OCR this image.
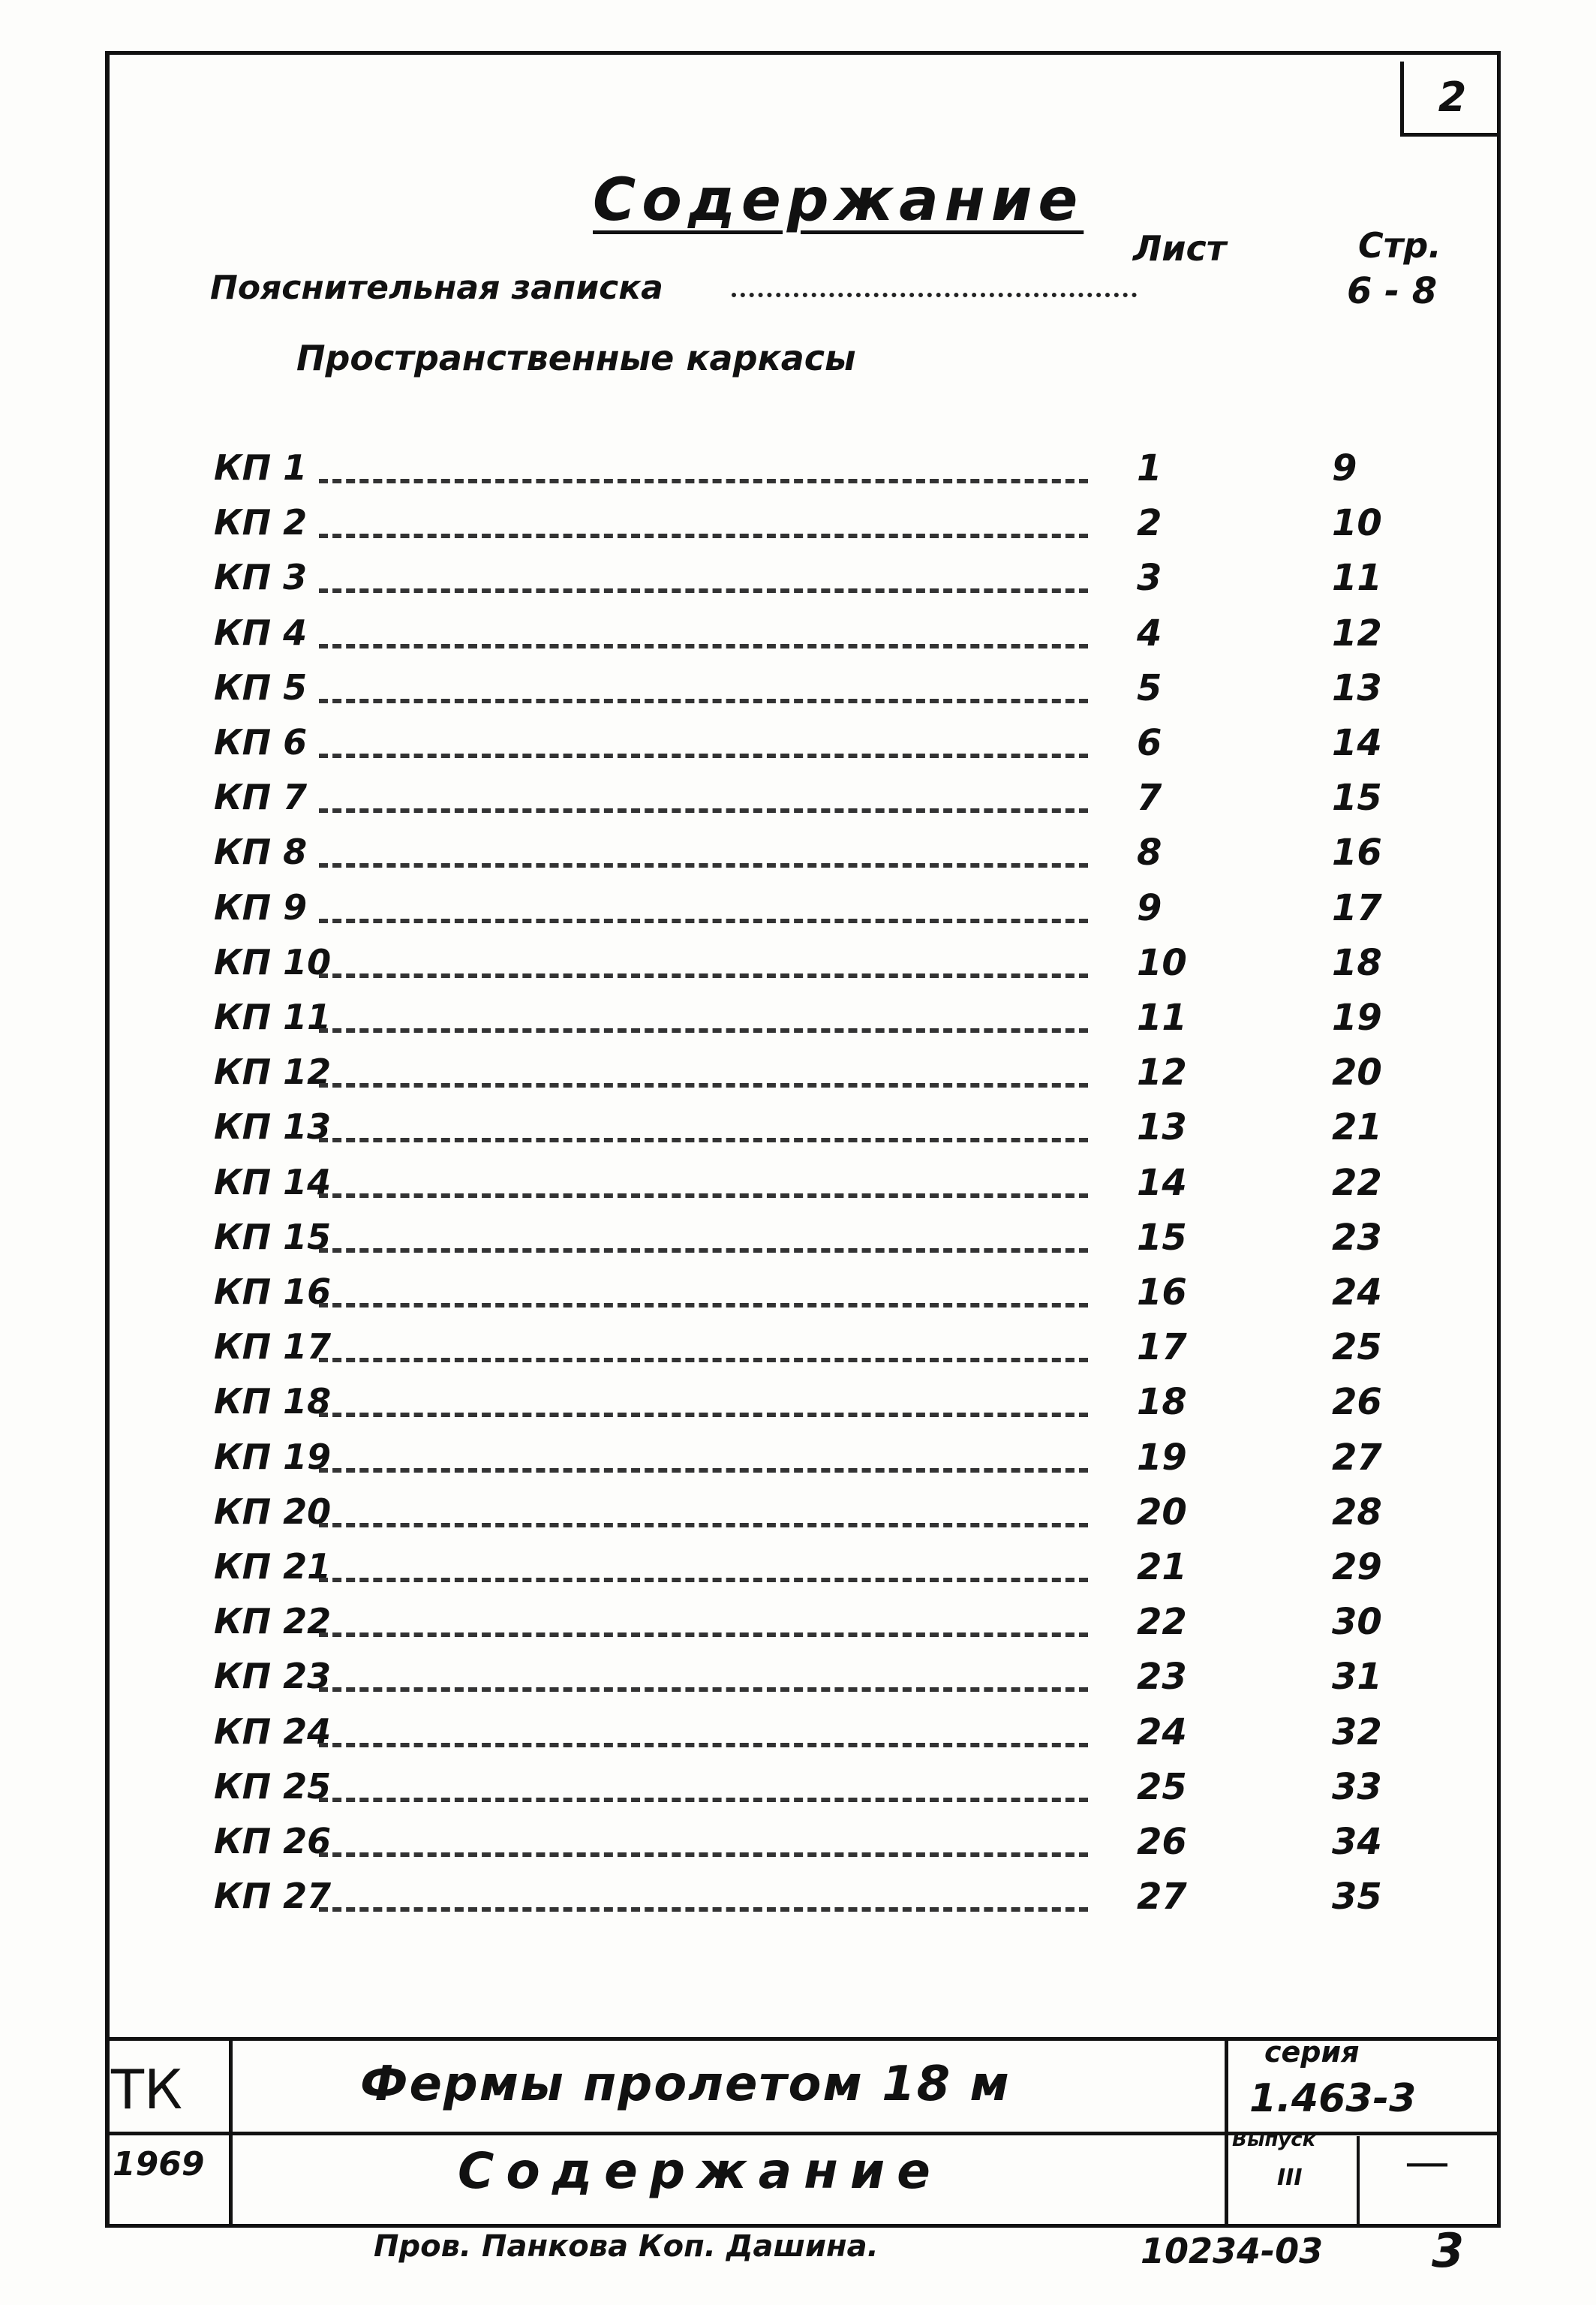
2
Содержание
Лист	Стр.
Пояснительная записка	6 - 8
Пространственные каркасы
КП 1	1	9
КП 2	2	10
КП 3	3	11
КП 4	4	12
КП 5	5	13
КП 6	6	14
КП 7	7	15
КП 8	8	16
КП 9	9	17
КП 10	10	18
КП 11	11	19
КП 12	12	20
КП 13	13	21
КП 14	14	22
КП 15	15	23
КП 16	16	24
КП 17	17	25
КП 18	18	26
КП 19	19	27
КП 20	20	28
КП 21	21	29
КП 22	22	30
КП 23	23	31
КП 24	24	32
КП 25	25	33
КП 26	26	34
КП 27	27	35
ТК
1969
Фермы пролетом 18 м
Содержание
серия
1.463-3
Выпуск
III —
Пров. Панкова Коп. Дашина.	10234-03 3
